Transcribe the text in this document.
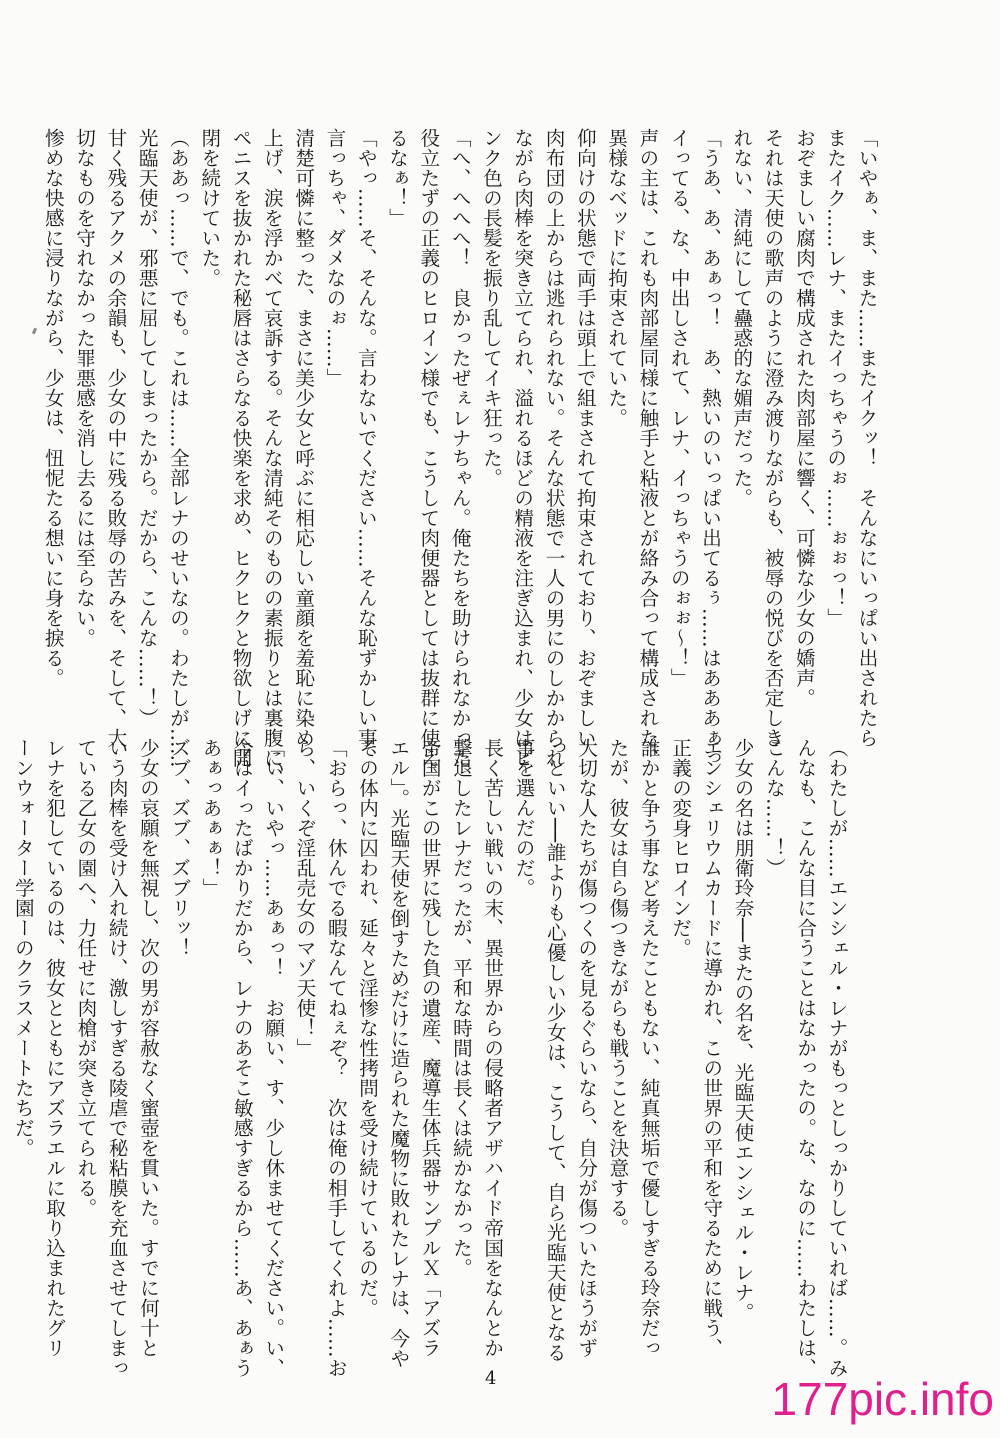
「いやぁ、ま、また……またイクッ！　そんなにいっぱい出されたら

またイク……レナ、またイっちゃうのぉ……ぉぉっ！」

おぞましい腐肉で構成された肉部屋に響く、可憐な少女の嬌声。

それは天使の歌声のように澄み渡りながらも、被辱の悦びを否定しき

れない、清純にして蠱惑的な媚声だった。

「うあ、あ、あぁっ！　あ、熱いのいっぱい出てるぅ……はあああぁっ

イってる、な、中出しされて、レナ、イっちゃうのぉぉ〜！」

声の主は、これも肉部屋同様に触手と粘液とが絡み合って構成された、

異様なベッドに拘束されていた。

仰向けの状態で両手は頭上で組まされて拘束されており、おぞましい

肉布団の上からは逃れられない。そんな状態で一人の男にのしかかられ

ながら肉棒を突き立てられ、溢れるほどの精液を注ぎ込まれ、少女はピ

ンク色の長髪を振り乱してイキ狂った。

「へ、へへへ！　良かったぜぇレナちゃん。俺たちを助けられなかった

役立たずの正義のヒロイン様でも、こうして肉便器としては抜群に使え

るなぁ！」

「やっ……そ、そんな。言わないでください……そんな恥ずかしい事、

言っちゃ、ダメなのぉ……」

清楚可憐に整った、まさに美少女と呼ぶに相応しい童顔を羞恥に染め

上げ、涙を浮かべて哀訴する。そんな清純そのものの素振りとは裏腹に、

ペニスを抜かれた秘唇はさらなる快楽を求め、ヒクヒクと物欲しげに開

閉を続けていた。

（ああっ……で、でも。これは……全部レナのせいなの。わたしが……

光臨天使が、邪悪に屈してしまったから。だから、こんな……！）

甘く残るアクメの余韻も、少女の中に残る敗辱の苦みを、そして、大

切なものを守れなかった罪悪感を消し去るには至らない。

惨めな快感に浸りながら、少女は、忸怩たる想いに身を捩る。

（わたしが……エンシェル・レナがもっとしっかりしていれば……。み

んなも、こんな目に合うことはなかったの。な、なのに……わたしは、

こんな……！）

少女の名は朋衛玲奈──またの名を、光臨天使エンシェル・レナ。

エンシェリウムカードに導かれ、この世界の平和を守るために戦う、

正義の変身ヒロインだ。

誰かと争う事など考えたこともない、純真無垢で優しすぎる玲奈だっ

たが、彼女は自ら傷つきながらも戦うことを決意する。

大切な人たちが傷つくのを見るぐらいなら、自分が傷ついたほうがず

っといい──誰よりも心優しい少女は、こうして、自ら光臨天使となる

事を選んだのだ。

長く苦しい戦いの末、異世界からの侵略者アザハイド帝国をなんとか

撃退したレナだったが、平和な時間は長くは続かなかった。

帝国がこの世界に残した負の遺産、魔導生体兵器サンプルＸ「アズラ

エル」。光臨天使を倒すためだけに造られた魔物に敗れたレナは、今や

その体内に囚われ、延々と淫惨な性拷問を受け続けているのだ。

「おらっ、休んでる暇なんてねぇぞ？　次は俺の相手してくれよ……お

ら、いくぞ淫乱売女のマゾ天使！」

「い、いやっ……あぁっ！　お願い、す、少し休ませてください。い、

今はイったばかりだから、レナのあそこ敏感すぎるから……あ、あぁう

あぁっあぁぁ！」

ズブ、ズブ、ズブリッ！

少女の哀願を無視し、次の男が容赦なく蜜壺を貫いた。すでに何十と

いう肉棒を受け入れ続け、激しすぎる陵虐で秘粘膜を充血させてしまっ

ている乙女の園へ、力任せに肉槍が突き立てられる。

レナを犯しているのは、彼女とともにアズラエルに取り込まれたグリ

ーンウォーター学園ーのクラスメートたちだ。

4	177pic.info
